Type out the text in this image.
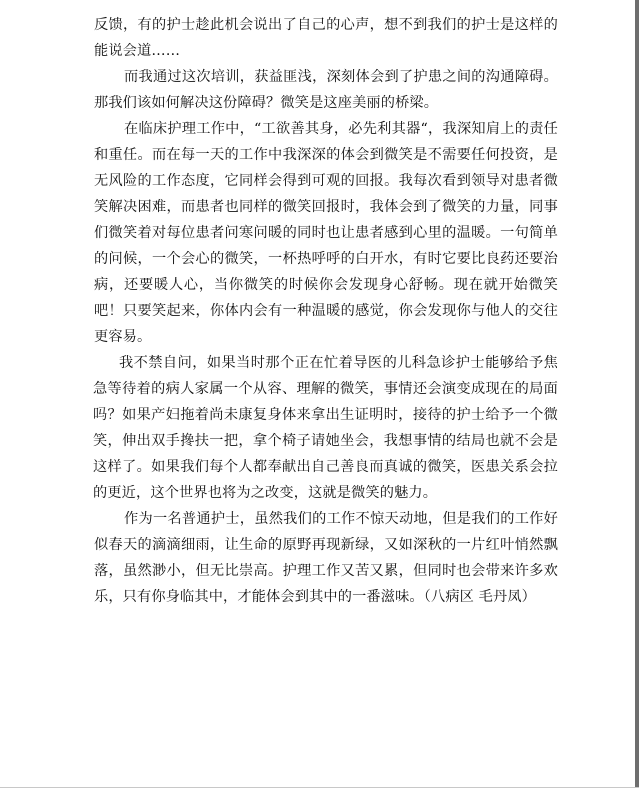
反馈，有的护士趁此机会说出了自己的心声，想不到我们的护士是这样的能说会道……

而我通过这次培训，获益匪浅，深刻体会到了护患之间的沟通障碍。那我们该如何解决这份障碍？微笑是这座美丽的桥梁。

在临床护理工作中，“工欲善其身，必先利其器“，我深知肩上的责任和重任。而在每一天的工作中我深深的体会到微笑是不需要任何投资，是无风险的工作态度，它同样会得到可观的回报。我每次看到领导对患者微笑解决困难，而患者也同样的微笑回报时，我体会到了微笑的力量，同事们微笑着对每位患者问寒问暖的同时也让患者感到心里的温暖。一句简单的问候，一个会心的微笑，一杯热呼呼的白开水，有时它要比良药还要治病，还要暖人心，当你微笑的时候你会发现身心舒畅。现在就开始微笑吧！只要笑起来，你体内会有一种温暖的感觉，你会发现你与他人的交往更容易。

我不禁自问，如果当时那个正在忙着导医的儿科急诊护士能够给予焦急等待着的病人家属一个从容、理解的微笑，事情还会演变成现在的局面吗？如果产妇拖着尚未康复身体来拿出生证明时，接待的护士给予一个微笑，伸出双手搀扶一把，拿个椅子请她坐会，我想事情的结局也就不会是这样了。如果我们每个人都奉献出自己善良而真诚的微笑，医患关系会拉的更近，这个世界也将为之改变，这就是微笑的魅力。

作为一名普通护士，虽然我们的工作不惊天动地，但是我们的工作好似春天的滴滴细雨，让生命的原野再现新绿，又如深秋的一片红叶悄然飘落，虽然渺小，但无比崇高。护理工作又苦又累，但同时也会带来许多欢乐，只有你身临其中，才能体会到其中的一番滋味。（八病区 毛丹凤）
